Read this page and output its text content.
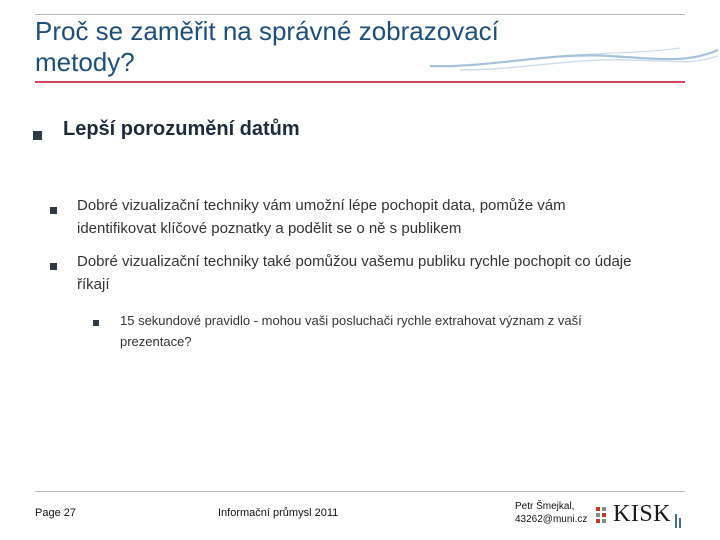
Proč se zaměřit na správné zobrazovací
metody?
Lepší porozumění datům
Dobré vizualizační techniky vám umožní lépe pochopit data, pomůže vám
identifikovat klíčové poznatky a podělit se o ně s publikem
Dobré vizualizační techniky také pomůžou vašemu publiku rychle pochopit co údaje
říkají
15 sekundové pravidlo - mohou vaši posluchači rychle extrahovat význam z vaší
prezentace?
Page 27	Informační průmysl 2011
Petr Šmejkal,
43262@muni.cz KISK
